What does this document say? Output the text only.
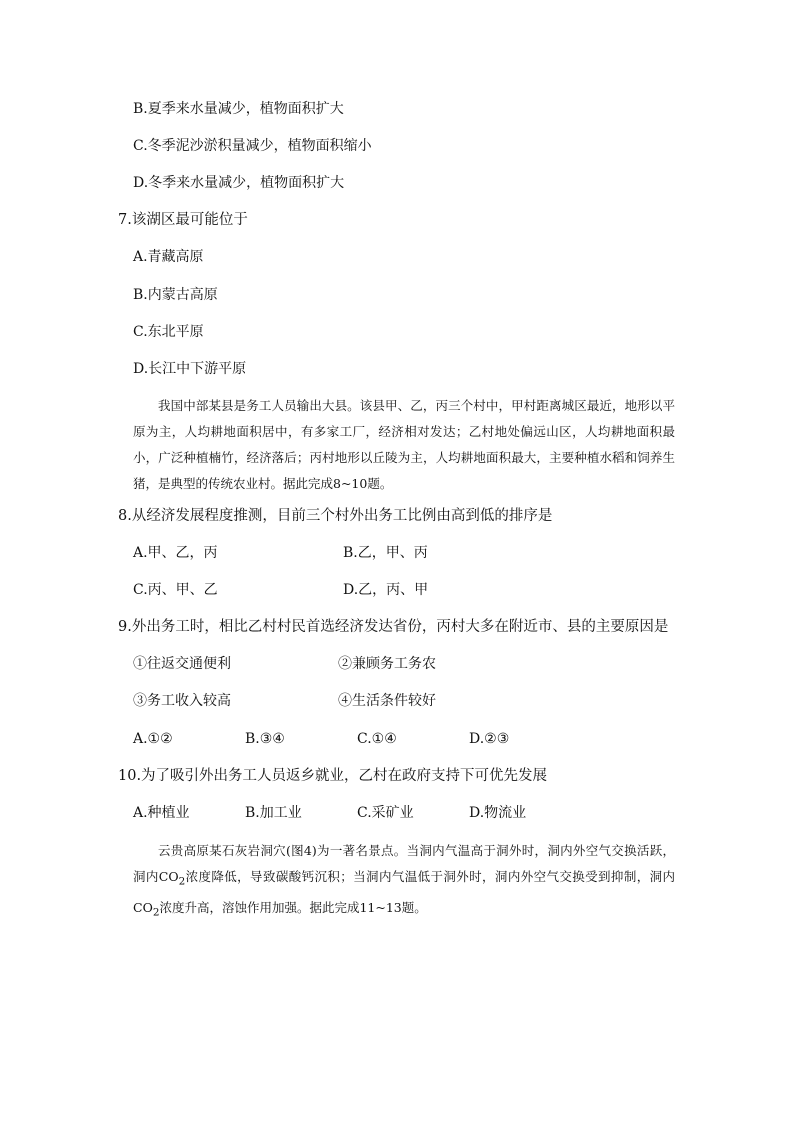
B.夏季来水量减少，植物面积扩大
C.冬季泥沙淤积量减少，植物面积缩小
D.冬季来水量减少，植物面积扩大
7.该湖区最可能位于
A.青藏高原
B.内蒙古高原
C.东北平原
D.长江中下游平原

我国中部某县是务工人员输出大县。该县甲、乙，丙三个村中，甲村距离城区最近，地形以平原为主，人均耕地面积居中，有多家工厂，经济相对发达；乙村地处偏远山区，人均耕地面积最小，广泛种植楠竹，经济落后；丙村地形以丘陵为主，人均耕地面积最大，主要种植水稻和饲养生猪，是典型的传统农业村。据此完成8~10题。

8.从经济发展程度推测，目前三个村外出务工比例由高到低的排序是
A.甲、乙，丙	B.乙，甲、丙
C.丙、甲、乙	D.乙，丙、甲
9.外出务工时，相比乙村村民首选经济发达省份，丙村大多在附近市、县的主要原因是
①往返交通便利	②兼顾务工务农
③务工收入较高	④生活条件较好
A.①②	B.③④	C.①④	D.②③
10.为了吸引外出务工人员返乡就业，乙村在政府支持下可优先发展
A.种植业	B.加工业	C.采矿业	D.物流业

云贵高原某石灰岩洞穴(图4)为一著名景点。当洞内气温高于洞外时，洞内外空气交换活跃，洞内$CO_2$浓度降低，导致碳酸钙沉积；当洞内气温低于洞外时，洞内外空气交换受到抑制，洞内$CO_2$浓度升高，溶蚀作用加强。据此完成11~13题。
